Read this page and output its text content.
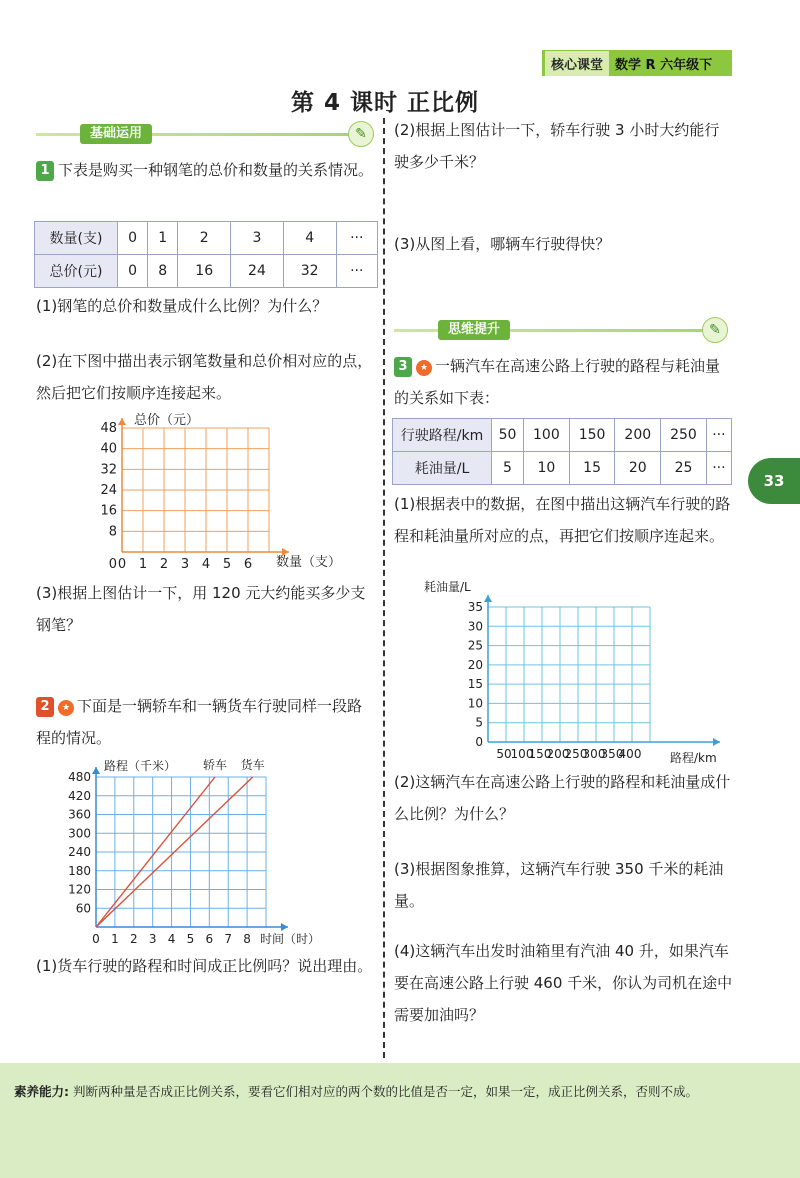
核心课堂 数学 R 六年级下
第 4 课时 正比例
33
基础运用	✎
1 下表是购买一种钢笔的总价和数量的关系情况。
数量(支)	0	1	2	3	4	···
总价(元)	0	8	16	24	32	···
(1)钢笔的总价和数量成什么比例？为什么？
(2)在下图中描出表示钢笔数量和总价相对应的点，然后把它们按顺序连接起来。
8
16
24
32
40
48
0 1 2 3 4 5 6
0
总价（元）
数量（支）
(3)根据上图估计一下，用 120 元大约能买多少支钢笔？
2 ★ 下面是一辆轿车和一辆货车行驶同样一段路程的情况。
60
120
180
240
300
360
420
480
0 1 2 3 4 5 6 7 8
路程（千米）
时间（时）
轿车 货车
(1)货车行驶的路程和时间成正比例吗？说出理由。
(2)根据上图估计一下，轿车行驶 3 小时大约能行驶多少千米？
(3)从图上看，哪辆车行驶得快？
思维提升	✎
3 ★ 一辆汽车在高速公路上行驶的路程与耗油量的关系如下表：
行驶路程/km	50	100	150	200	250	···
耗油量/L	5	10	15	20	25	···
(1)根据表中的数据，在图中描出这辆汽车行驶的路程和耗油量所对应的点，再把它们按顺序连起来。
0
5
10
15
20
25
30
35
50
100
150
200
250
300
350
400
耗油量/L
路程/km
(2)这辆汽车在高速公路上行驶的路程和耗油量成什么比例？为什么？
(3)根据图象推算，这辆汽车行驶 350 千米的耗油量。
(4)这辆汽车出发时油箱里有汽油 40 升，如果汽车要在高速公路上行驶 460 千米，你认为司机在途中需要加油吗？
素养能力: 判断两种量是否成正比例关系，要看它们相对应的两个数的比值是否一定，如果一定，成正比例关系，否则不成。
